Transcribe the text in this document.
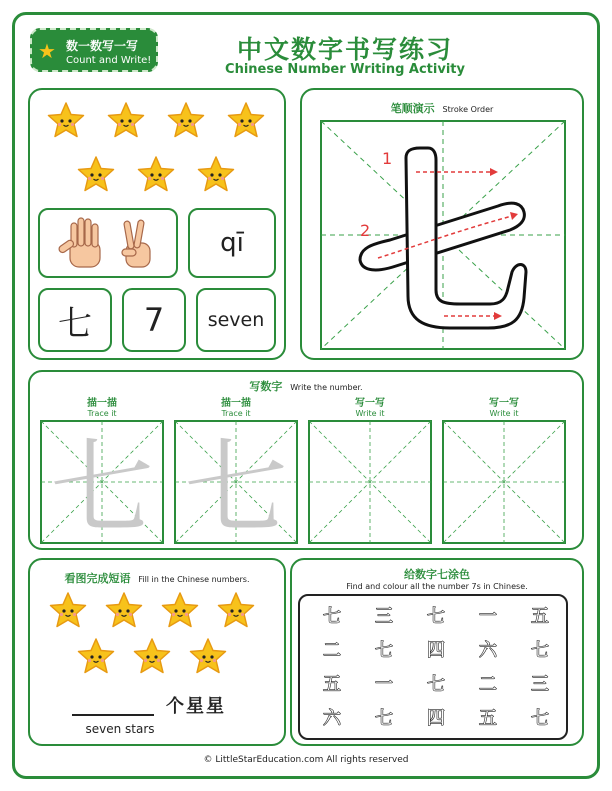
★ 数一数写一写
Count and Write!	中文数字书写练习
Chinese Number Writing Activity
qī
七 7 seven
笔顺演示 Stroke Order
1
2
写数字 Write the number.
描一描
Trace it
七
描一描
Trace it
七
写一写
Write it
写一写
Write it
看图完成短语 Fill in the Chinese numbers.
个星星
seven stars
给数字七涂色
Find and colour all the number 7s in Chinese.
七	三	七	一	五
二	七	四	六	七
五	一	七	二	三
六	七	四	五	七
© LittleStarEducation.com All rights reserved
